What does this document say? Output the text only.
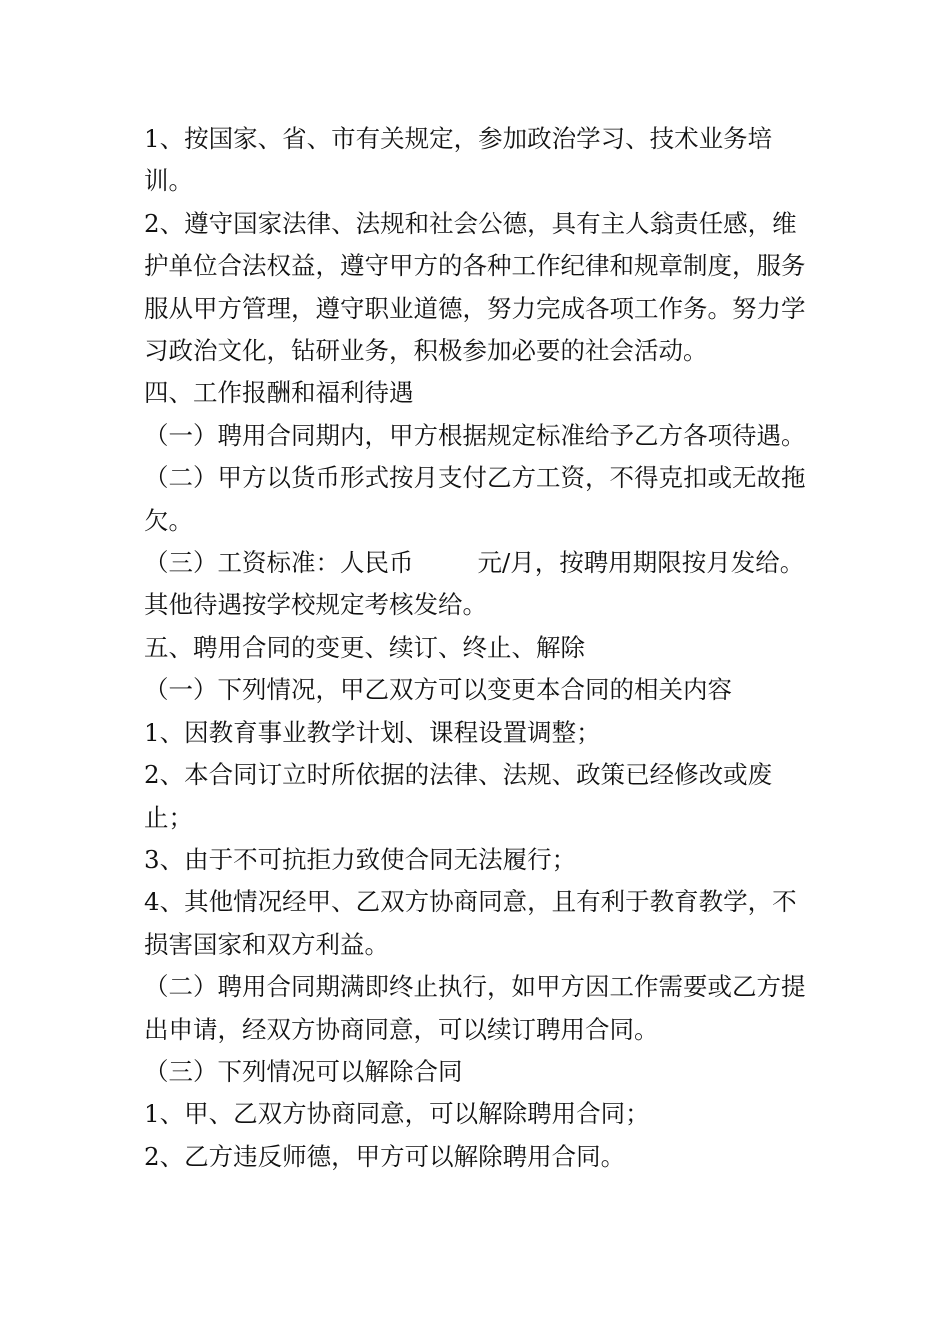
1、按国家、省、市有关规定，参加政治学习、技术业务培训。

2、遵守国家法律、法规和社会公德，具有主人翁责任感，维护单位合法权益，遵守甲方的各种工作纪律和规章制度，服务服从甲方管理，遵守职业道德，努力完成各项工作务。努力学习政治文化，钻研业务，积极参加必要的社会活动。

四、工作报酬和福利待遇

（一）聘用合同期内，甲方根据规定标准给予乙方各项待遇。

（二）甲方以货币形式按月支付乙方工资，不得克扣或无故拖欠。

（三）工资标准：人民币	元/月，按聘用期限按月发给。

其他待遇按学校规定考核发给。

五、聘用合同的变更、续订、终止、解除

（一）下列情况，甲乙双方可以变更本合同的相关内容

1、因教育事业教学计划、课程设置调整；

2、本合同订立时所依据的法律、法规、政策已经修改或废止；

3、由于不可抗拒力致使合同无法履行；

4、其他情况经甲、乙双方协商同意，且有利于教育教学，不损害国家和双方利益。

（二）聘用合同期满即终止执行，如甲方因工作需要或乙方提出申请，经双方协商同意，可以续订聘用合同。

（三）下列情况可以解除合同

1、甲、乙双方协商同意，可以解除聘用合同；

2、乙方违反师德，甲方可以解除聘用合同。
